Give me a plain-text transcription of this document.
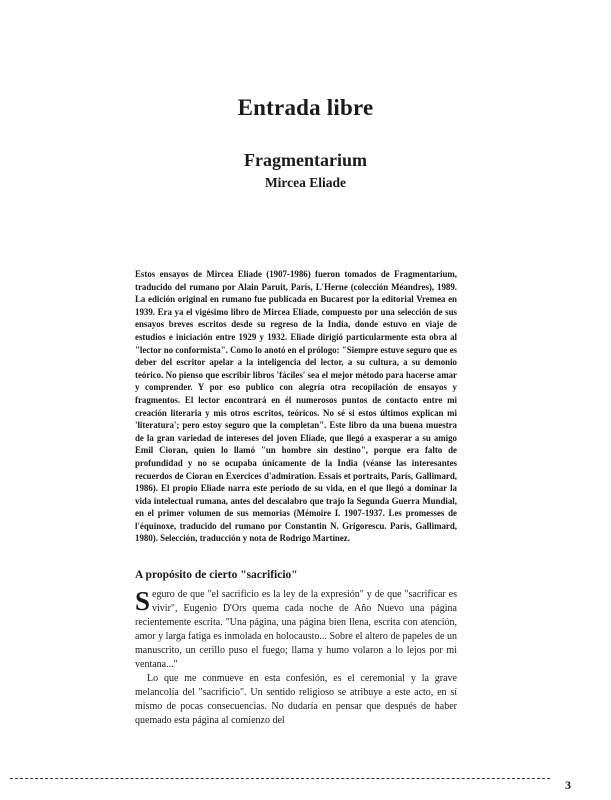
Entrada libre
Fragmentarium
Mircea Eliade

Estos ensayos de Mircea Eliade (1907-1986) fueron tomados de Fragmentarium, traducido del rumano por Alain Paruit, París, L'Herne (colección Méandres), 1989. La edición original en rumano fue publicada en Bucarest por la editorial Vremea en 1939. Era ya el vigésimo libro de Mircea Eliade, compuesto por una selección de sus ensayos breves escritos desde su regreso de la India, donde estuvo en viaje de estudios e iniciación entre 1929 y 1932. Eliade dirigió particularmente esta obra al "lector no conformista". Como lo anotó en el prólogo: "Siempre estuve seguro que es deber del escritor apelar a la inteligencia del lector, a su cultura, a su demonio teórico. No pienso que escribir libros 'fáciles' sea el mejor método para hacerse amar y comprender. Y por eso publico con alegría otra recopilación de ensayos y fragmentos. El lector encontrará en él numerosos puntos de contacto entre mi creación literaria y mis otros escritos, teóricos. No sé si estos últimos explican mi 'literatura'; pero estoy seguro que la completan". Este libro da una buena muestra de la gran variedad de intereses del joven Eliade, que llegó a exasperar a su amigo Emil Cioran, quien lo llamó "un hombre sin destino", porque era falto de profundidad y no se ocupaba únicamente de la India (véanse las interesantes recuerdos de Cioran en Exercices d'admiration. Essais et portraits, París, Gallimard, 1986). El propio Eliade narra este periodo de su vida, en el que llegó a dominar la vida intelectual rumana, antes del descalabro que trajo la Segunda Guerra Mundial, en el primer volumen de sus memorias (Mémoire I. 1907-1937. Les promesses de l'équinoxe, traducido del rumano por Constantin N. Grigorescu. París, Gallimard, 1980). Selección, traducción y nota de Rodrigo Martínez.

A propósito de cierto "sacrificio"

Seguro de que "el sacrificio es la ley de la expresión" y de que "sacrificar es vivir", Eugenio D'Ors quema cada noche de Año Nuevo una página recientemente escrita. "Una página, una página bien llena, escrita con atención, amor y larga fatiga es inmolada en holocausto... Sobre el altero de papeles de un manuscrito, un cerillo puso el fuego; llama y humo volaron a lo lejos por mi ventana..."

Lo que me conmueve en esta confesión, es el ceremonial y la grave melancolía del "sacrificio". Un sentido religioso se atribuye a este acto, en sí mismo de pocas consecuencias. No dudaría en pensar que después de haber quemado esta página al comienzo del

3
